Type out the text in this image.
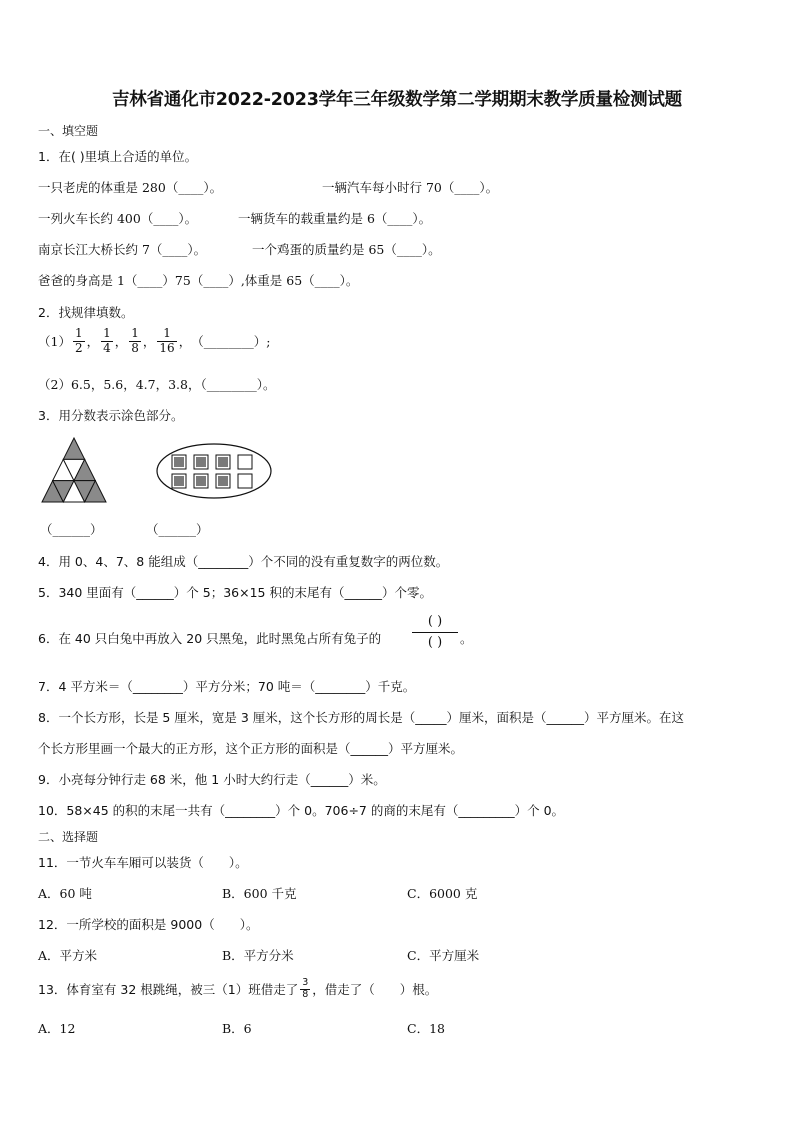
吉林省通化市2022-2023学年三年级数学第二学期期末教学质量检测试题
一、填空题
1．在( )里填上合适的单位。
一只老虎的体重是 280（____）。	一辆汽车每小时行 70（____）。
一列火车长约 400（____）。	一辆货车的载重量约是 6（____）。
南京长江大桥长约 7（____）。	一个鸡蛋的质量约是 65（____）。
爸爸的身高是 1（____）75（____）,体重是 65（____）。
2．找规律填数。
$(1) \frac{1}{2}$ ， $\frac{1}{4}$ ， $\frac{1}{8}$ ， $\frac{1}{16}$ ， （________）;
（2）6.5，5.6，4.7，3.8，（________）。
3．用分数表示涂色部分。
（______）	（______）
4．用 0、4、7、8 能组成（________）个不同的没有重复数字的两位数。
5．340 里面有（______）个 5；36×15 积的末尾有（______）个零。
6．在 40 只白兔中再放入 20 只黑兔，此时黑兔占所有兔子的
( )
( ) 。
7．4 平方米＝（________）平方分米；70 吨＝（________）千克。
8．一个长方形，长是 5 厘米，宽是 3 厘米，这个长方形的周长是（_____）厘米，面积是（______）平方厘米。在这
个长方形里画一个最大的正方形，这个正方形的面积是（______）平方厘米。
9．小亮每分钟行走 68 米，他 1 小时大约行走（______）米。
10．58×45 的积的末尾一共有（________）个 0。706÷7 的商的末尾有（_________）个 0。
二、选择题
11．一节火车车厢可以装货（　　）。
A．60 吨	B．600 千克	C．6000 克
12．一所学校的面积是 9000（　　）。
A．平方米	B．平方分米	C．平方厘米
13．体育室有 32 根跳绳，被三（1）班借走了 $\frac{3}{8}$ ，借走了（　　）根。
A．12	B．6	C．18
